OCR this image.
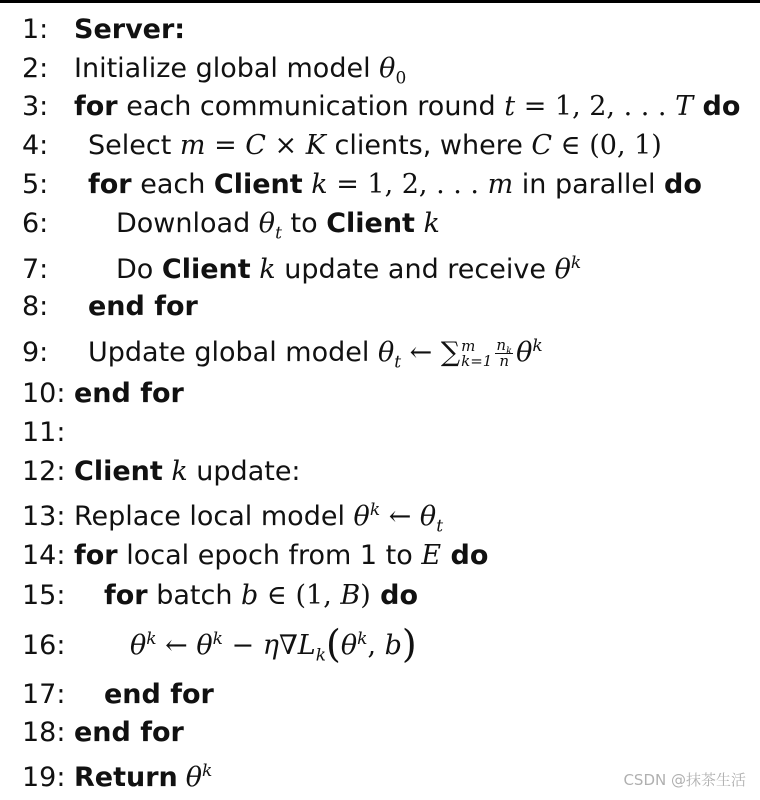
1: Server:
2: Initialize global model $\theta_0$
3: for each communication round t = 1, 2, . . . T do
4: Select m = C × K clients, where C ∈ (0, 1)
5: for each Client k = 1, 2, . . . m in parallel do
6:	Download $\theta_t$ to Client k
7:	Do Client k update and receive $\theta^k$
8: end for
9: Update global model $\theta_t$ ← ∑ m
$k=1 \frac{n_k}{n} \theta^k$
10: end for
11:
12: Client k update:
13: Replace local model $\theta^k$ ← $\theta_t$
14: for local epoch from 1 to E do
15: for batch b ∈ (1, B) do
16: $\theta^k$ ← $\theta^k - \eta\nabla L_k(\theta^k$, b)
17: end for
18: end for
19: Return $\theta^k$	CSDN @抹茶生活
